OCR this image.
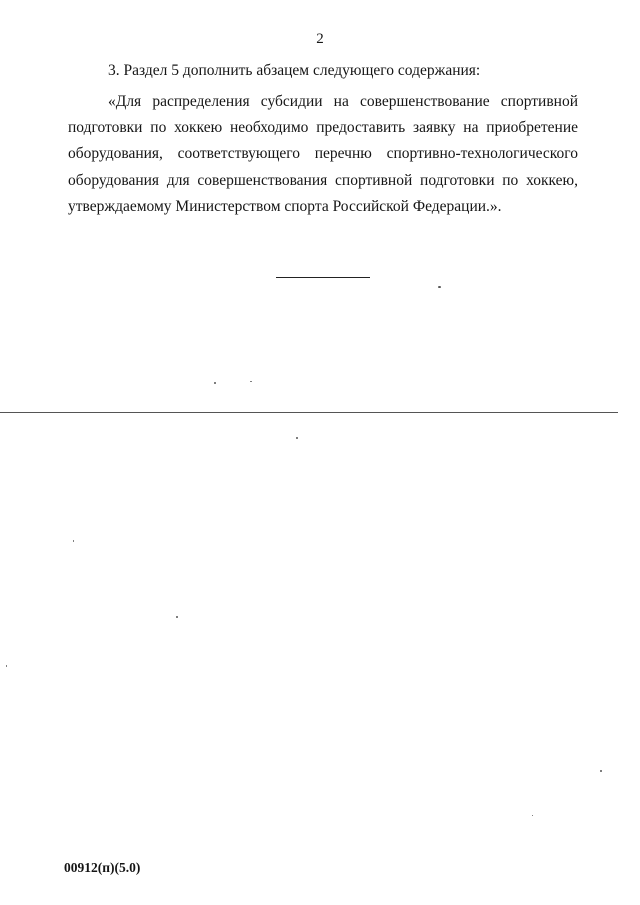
2
3. Раздел 5 дополнить абзацем следующего содержания:
«Для распределения субсидии на совершенствование спортивной
подготовки по хоккею необходимо предоставить заявку на приобретение
оборудования, соответствующего перечню спортивно-технологического
оборудования для совершенствования спортивной подготовки по хоккею,
утверждаемому Министерством спорта Российской Федерации.».
00912(п)(5.0)
